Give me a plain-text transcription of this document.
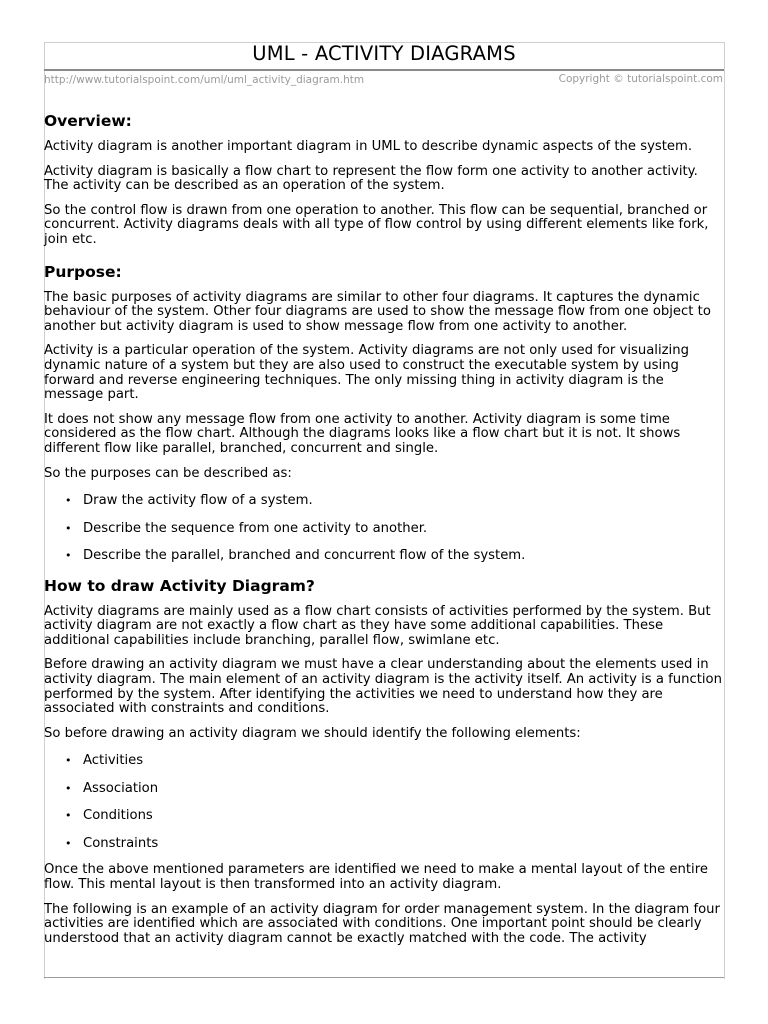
UML - ACTIVITY DIAGRAMS
http://www.tutorialspoint.com/uml/uml_activity_diagram.htm	Copyright © tutorialspoint.com
Overview:

Activity diagram is another important diagram in UML to describe dynamic aspects of the system.

Activity diagram is basically a flow chart to represent the flow form one activity to another activity. The activity can be described as an operation of the system.

So the control flow is drawn from one operation to another. This flow can be sequential, branched or concurrent. Activity diagrams deals with all type of flow control by using different elements like fork, join etc.

Purpose:

The basic purposes of activity diagrams are similar to other four diagrams. It captures the dynamic behaviour of the system. Other four diagrams are used to show the message flow from one object to another but activity diagram is used to show message flow from one activity to another.

Activity is a particular operation of the system. Activity diagrams are not only used for visualizing dynamic nature of a system but they are also used to construct the executable system by using forward and reverse engineering techniques. The only missing thing in activity diagram is the message part.

It does not show any message flow from one activity to another. Activity diagram is some time considered as the flow chart. Although the diagrams looks like a flow chart but it is not. It shows different flow like parallel, branched, concurrent and single.

So the purposes can be described as:

• Draw the activity flow of a system.
• Describe the sequence from one activity to another.
• Describe the parallel, branched and concurrent flow of the system.
How to draw Activity Diagram?

Activity diagrams are mainly used as a flow chart consists of activities performed by the system. But activity diagram are not exactly a flow chart as they have some additional capabilities. These additional capabilities include branching, parallel flow, swimlane etc.

Before drawing an activity diagram we must have a clear understanding about the elements used in activity diagram. The main element of an activity diagram is the activity itself. An activity is a function performed by the system. After identifying the activities we need to understand how they are associated with constraints and conditions.

So before drawing an activity diagram we should identify the following elements:

• Activities
• Association
• Conditions
• Constraints

Once the above mentioned parameters are identified we need to make a mental layout of the entire flow. This mental layout is then transformed into an activity diagram.

The following is an example of an activity diagram for order management system. In the diagram four activities are identified which are associated with conditions. One important point should be clearly understood that an activity diagram cannot be exactly matched with the code. The activity
